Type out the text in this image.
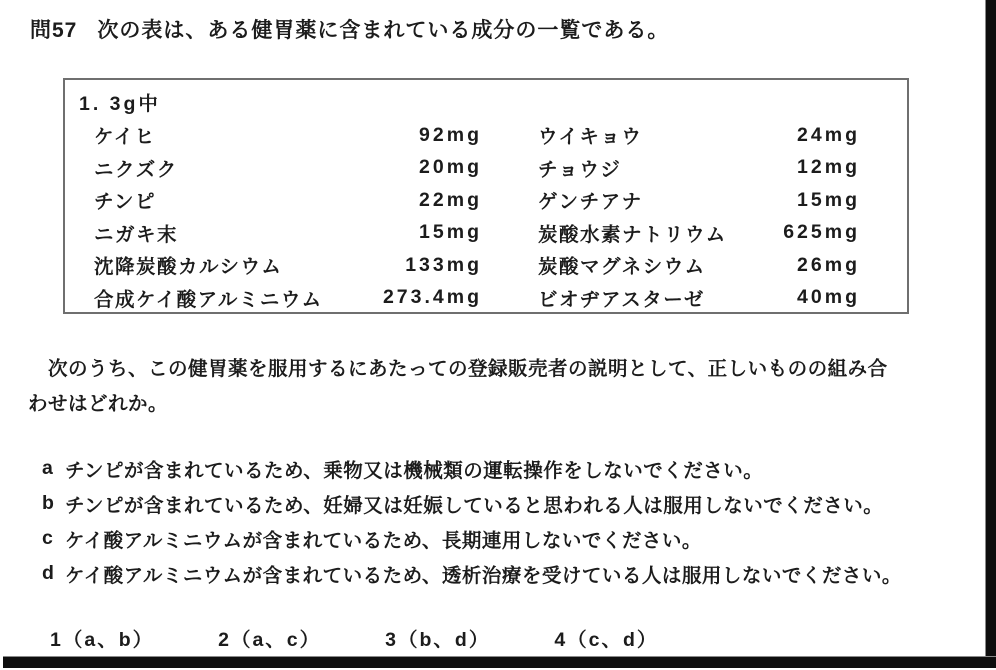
問57 次の表は、ある健胃薬に含まれている成分の一覧である。
1. 3g中
ケイヒ	92mg	ウイキョウ	24mg
ニクズク	20mg	チョウジ	12mg
チンピ	22mg	ゲンチアナ	15mg
ニガキ末	15mg	炭酸水素ナトリウム	625mg
沈降炭酸カルシウム	133mg	炭酸マグネシウム	26mg
合成ケイ酸アルミニウム	273.4mg	ビオヂアスターゼ	40mg
　次のうち、この健胃薬を服用するにあたっての登録販売者の説明として、正しいものの組み合
わせはどれか。
a チンピが含まれているため、乗物又は機械類の運転操作をしないでください。
b チンピが含まれているため、妊婦又は妊娠していると思われる人は服用しないでください。
c ケイ酸アルミニウムが含まれているため、長期連用しないでください。
d ケイ酸アルミニウムが含まれているため、透析治療を受けている人は服用しないでください。
1（a、b）	2（a、c）	3（b、d）	4（c、d）
